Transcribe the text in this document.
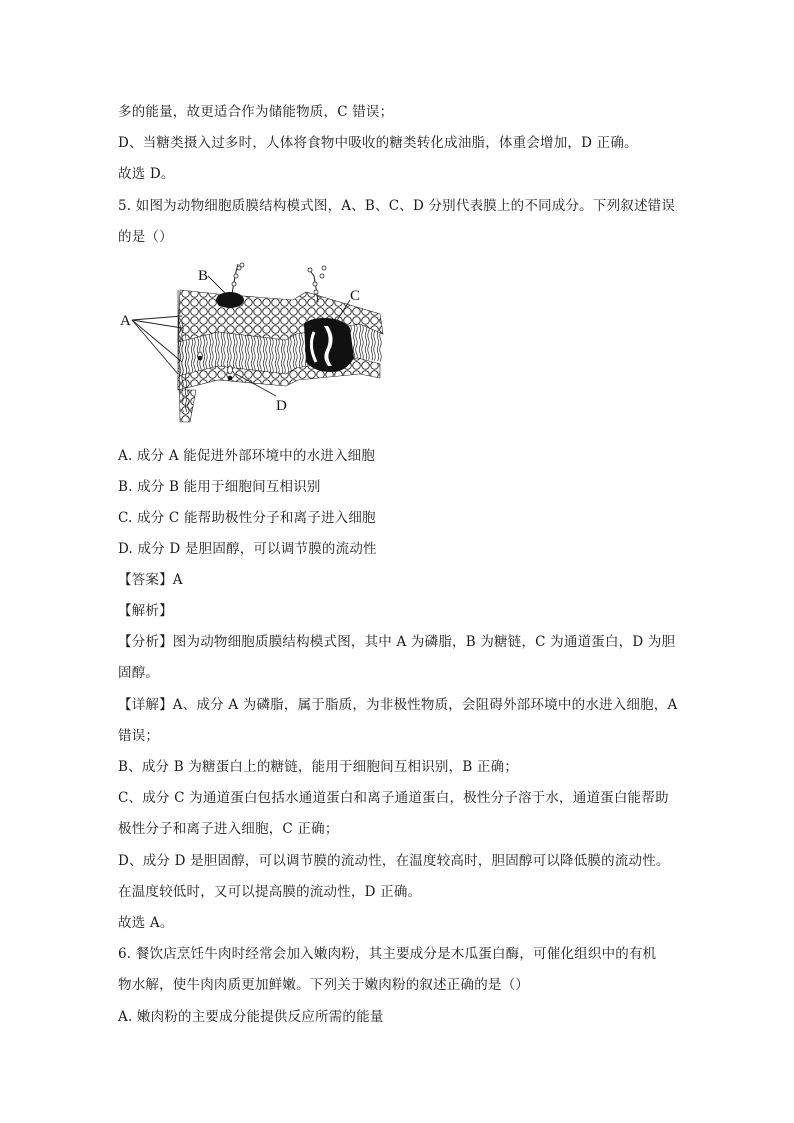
多的能量，故更适合作为储能物质，C 错误；
D、当糖类摄入过多时，人体将食物中吸收的糖类转化成油脂，体重会增加，D 正确。
故选 D。
5. 如图为动物细胞质膜结构模式图，A、B、C、D 分别代表膜上的不同成分。下列叙述错误
的是（）
A
B
C
D
A. 成分 A 能促进外部环境中的水进入细胞
B. 成分 B 能用于细胞间互相识别
C. 成分 C 能帮助极性分子和离子进入细胞
D. 成分 D 是胆固醇，可以调节膜的流动性
【答案】A
【解析】
【分析】图为动物细胞质膜结构模式图，其中 A 为磷脂，B 为糖链，C 为通道蛋白，D 为胆
固醇。
【详解】A、成分 A 为磷脂，属于脂质，为非极性物质，会阻碍外部环境中的水进入细胞，A
错误；
B、成分 B 为糖蛋白上的糖链，能用于细胞间互相识别，B 正确；
C、成分 C 为通道蛋白包括水通道蛋白和离子通道蛋白，极性分子溶于水，通道蛋白能帮助
极性分子和离子进入细胞，C 正确；
D、成分 D 是胆固醇，可以调节膜的流动性，在温度较高时，胆固醇可以降低膜的流动性。
在温度较低时，又可以提高膜的流动性，D 正确。
故选 A。
6. 餐饮店烹饪牛肉时经常会加入嫩肉粉，其主要成分是木瓜蛋白酶，可催化组织中的有机
物水解，使牛肉肉质更加鲜嫩。下列关于嫩肉粉的叙述正确的是（）
A. 嫩肉粉的主要成分能提供反应所需的能量
